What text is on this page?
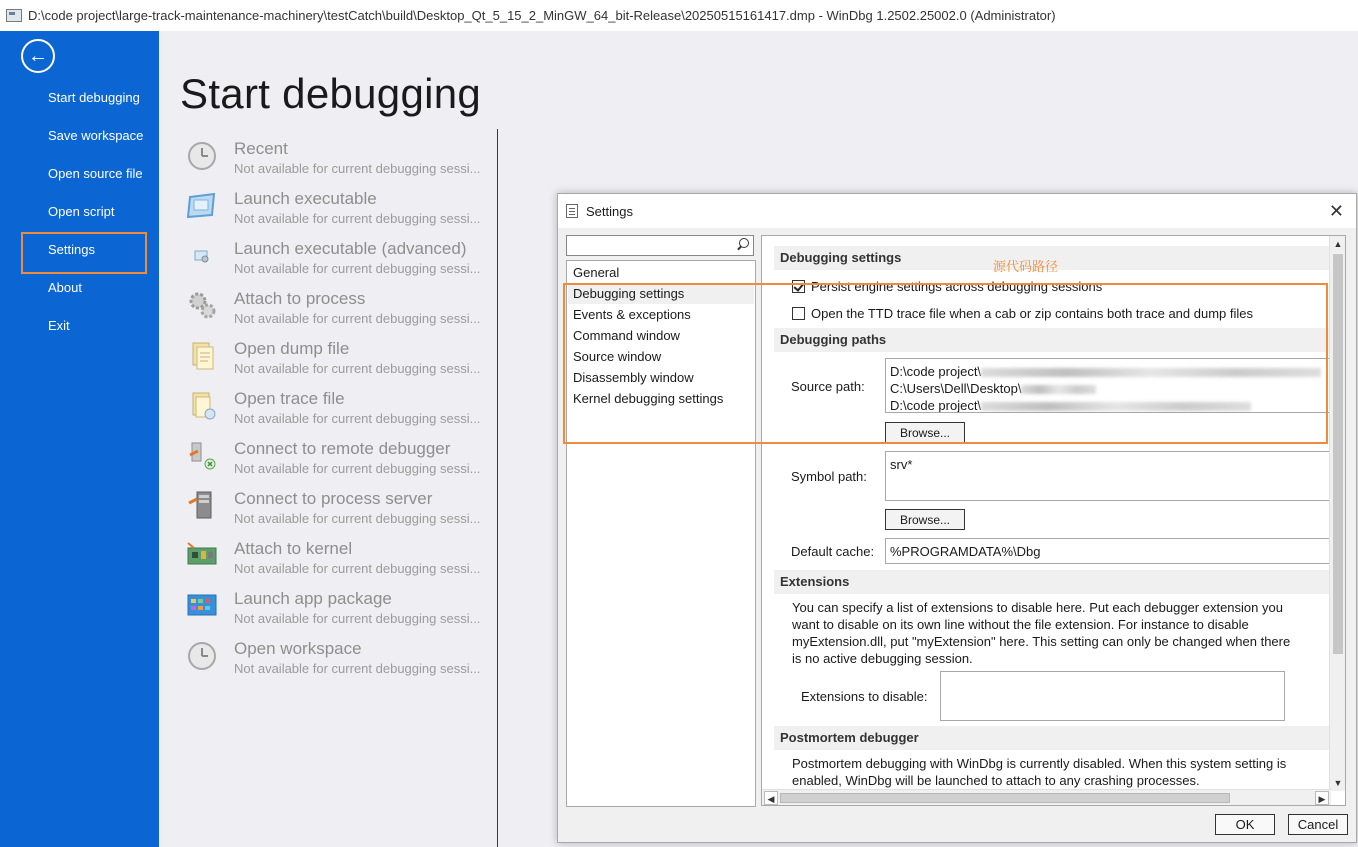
D:\code project\large-track-maintenance-machinery\testCatch\build\Desktop_Qt_5_15_2_MinGW_64_bit-Release\20250515161417.dmp - WinDbg 1.2502.25002.0 (Administrator)
←
Start debugging
Save workspace
Open source file
Open script
Settings
About
Exit
Start debugging
Recent
Not available for current debugging sessi...
Launch executable
Not available for current debugging sessi...
Launch executable (advanced)
Not available for current debugging sessi...
Attach to process
Not available for current debugging sessi...
Open dump file
Not available for current debugging sessi...
Open trace file
Not available for current debugging sessi...
Connect to remote debugger
Not available for current debugging sessi...
Connect to process server
Not available for current debugging sessi...
Attach to kernel
Not available for current debugging sessi...
Launch app package
Not available for current debugging sessi...
Open workspace
Not available for current debugging sessi...
Settings	✕
General
Debugging settings
Events & exceptions
Command window
Source window
Disassembly window
Kernel debugging settings
Debugging settings
Persist engine settings across debugging sessions
Open the TTD trace file when a cab or zip contains both trace and dump files
Debugging paths
Source path:
D:\code project\
C:\Users\Dell\Desktop\
D:\code project\
Browse...
Symbol path:
srv*
Browse...
Default cache: %PROGRAMDATA%\Dbg
Extensions
You can specify a list of extensions to disable here. Put each debugger extension you want to disable on its own line without the file extension. For instance to disable myExtension.dll, put "myExtension" here. This setting can only be changed when there is no active debugging session.
Extensions to disable:
Postmortem debugger
Postmortem debugging with WinDbg is currently disabled. When this system setting is enabled, WinDbg will be launched to attach to any crashing processes.
▲
▼
◀	▶
OK	Cancel
源代码路径
